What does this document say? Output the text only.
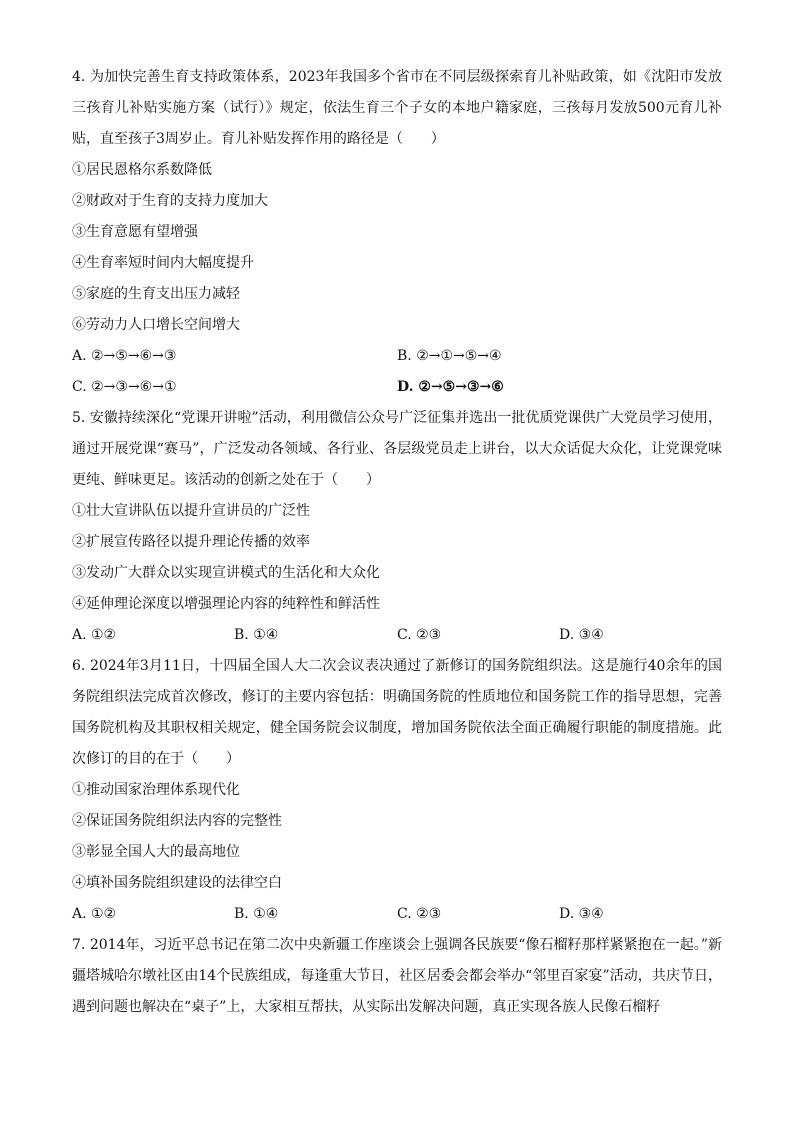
4. 为加快完善生育支持政策体系，2023年我国多个省市在不同层级探索育儿补贴政策，如《沈阳市发放三孩育儿补贴实施方案（试行）》规定，依法生育三个子女的本地户籍家庭，三孩每月发放500元育儿补贴，直至孩子3周岁止。育儿补贴发挥作用的路径是（　　）

①居民恩格尔系数降低

②财政对于生育的支持力度加大

③生育意愿有望增强

④生育率短时间内大幅度提升

⑤家庭的生育支出压力减轻

⑥劳动力人口增长空间增大

A. ②→⑤→⑥→③	B. ②→①→⑤→④
C. ②→③→⑥→①	D. ②→⑤→③→⑥

5. 安徽持续深化“党课开讲啦”活动，利用微信公众号广泛征集并选出一批优质党课供广大党员学习使用，通过开展党课“赛马”，广泛发动各领域、各行业、各层级党员走上讲台，以大众话促大众化，让党课党味更纯、鲜味更足。该活动的创新之处在于（　　）

①壮大宣讲队伍以提升宣讲员的广泛性

②扩展宣传路径以提升理论传播的效率

③发动广大群众以实现宣讲模式的生活化和大众化

④延伸理论深度以增强理论内容的纯粹性和鲜活性

A. ①②	B. ①④	C. ②③	D. ③④

6. 2024年3月11日，十四届全国人大二次会议表决通过了新修订的国务院组织法。这是施行40余年的国务院组织法完成首次修改，修订的主要内容包括：明确国务院的性质地位和国务院工作的指导思想，完善国务院机构及其职权相关规定，健全国务院会议制度，增加国务院依法全面正确履行职能的制度措施。此次修订的目的在于（　　）

①推动国家治理体系现代化

②保证国务院组织法内容的完整性

③彰显全国人大的最高地位

④填补国务院组织建设的法律空白

A. ①②	B. ①④	C. ②③	D. ③④

7. 2014年，习近平总书记在第二次中央新疆工作座谈会上强调各民族要“像石榴籽那样紧紧抱在一起。”新疆塔城哈尔墩社区由14个民族组成，每逢重大节日，社区居委会都会举办“邻里百家宴”活动，共庆节日，遇到问题也解决在“桌子”上，大家相互帮扶，从实际出发解决问题，真正实现各族人民像石榴籽
